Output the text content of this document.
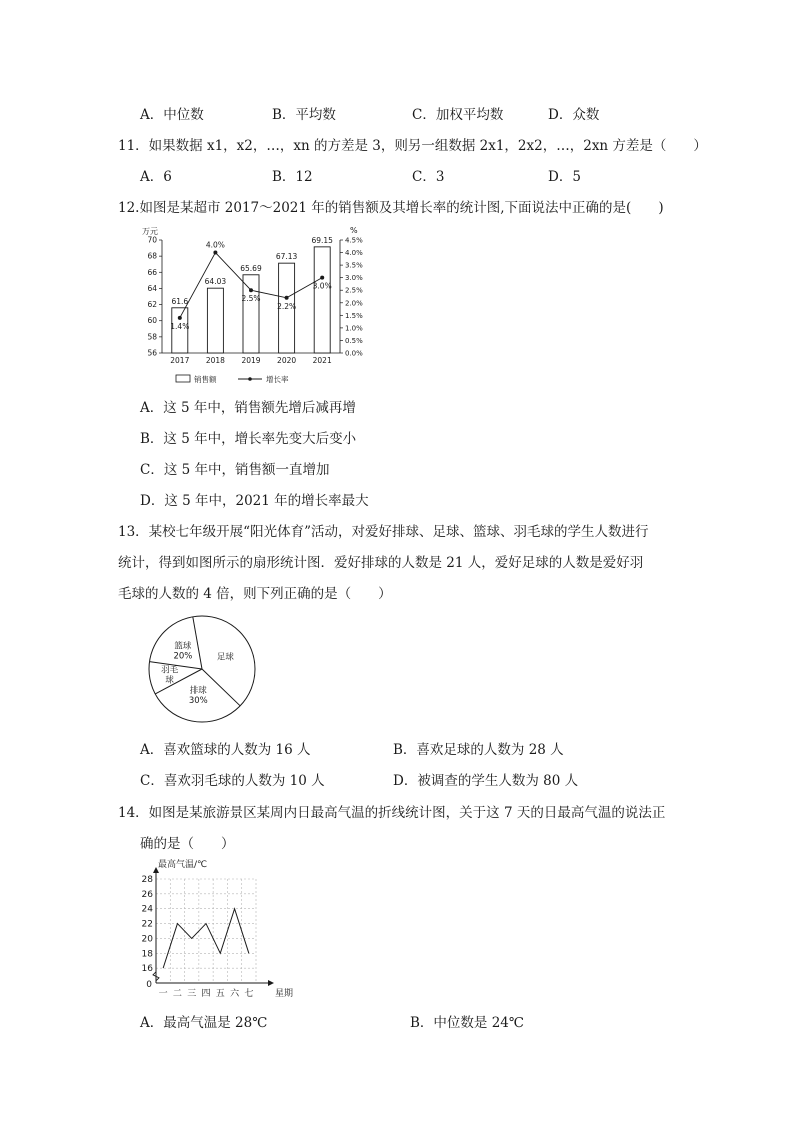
A．中位数	B．平均数	C．加权平均数	D．众数
11．如果数据 x1，x2，…，xn 的方差是 3，则另一组数据 2x1，2x2，…，2xn 方差是（　　）
A．6	B．12	C．3	D．5
12.如图是某超市 2017～2021 年的销售额及其增长率的统计图,下面说法中正确的是(　　)
万元	%
61.6
64.03
65.69
67.13
69.15
1.4%
4.0%
2.5%
2.2%
3.0%
70
68
66
64
62
60
58
56
4.5%
4.0%
3.5%
3.0%
2.5%
2.0%
1.5%
1.0%
0.5%
0.0%
2017 2018 2019 2020 2021
销售额	增长率
A．这 5 年中，销售额先增后减再增
B．这 5 年中，增长率先变大后变小
C．这 5 年中，销售额一直增加
D．这 5 年中，2021 年的增长率最大
13．某校七年级开展“阳光体育”活动，对爱好排球、足球、篮球、羽毛球的学生人数进行
统计，得到如图所示的扇形统计图．爱好排球的人数是 21 人，爱好足球的人数是爱好羽
毛球的人数的 4 倍，则下列正确的是（　　）
足球
排球
30%
羽毛
球
篮球
20%
A．喜欢篮球的人数为 16 人	B．喜欢足球的人数为 28 人
C．喜欢羽毛球的人数为 10 人	D．被调查的学生人数为 80 人
14．如图是某旅游景区某周内日最高气温的折线统计图，关于这 7 天的日最高气温的说法正
确的是（　　）
最高气温/℃
28
26
24
22
20
18
16
0
一 二 三 四 五 六 七 星期
A．最高气温是 28℃	B．中位数是 24℃
